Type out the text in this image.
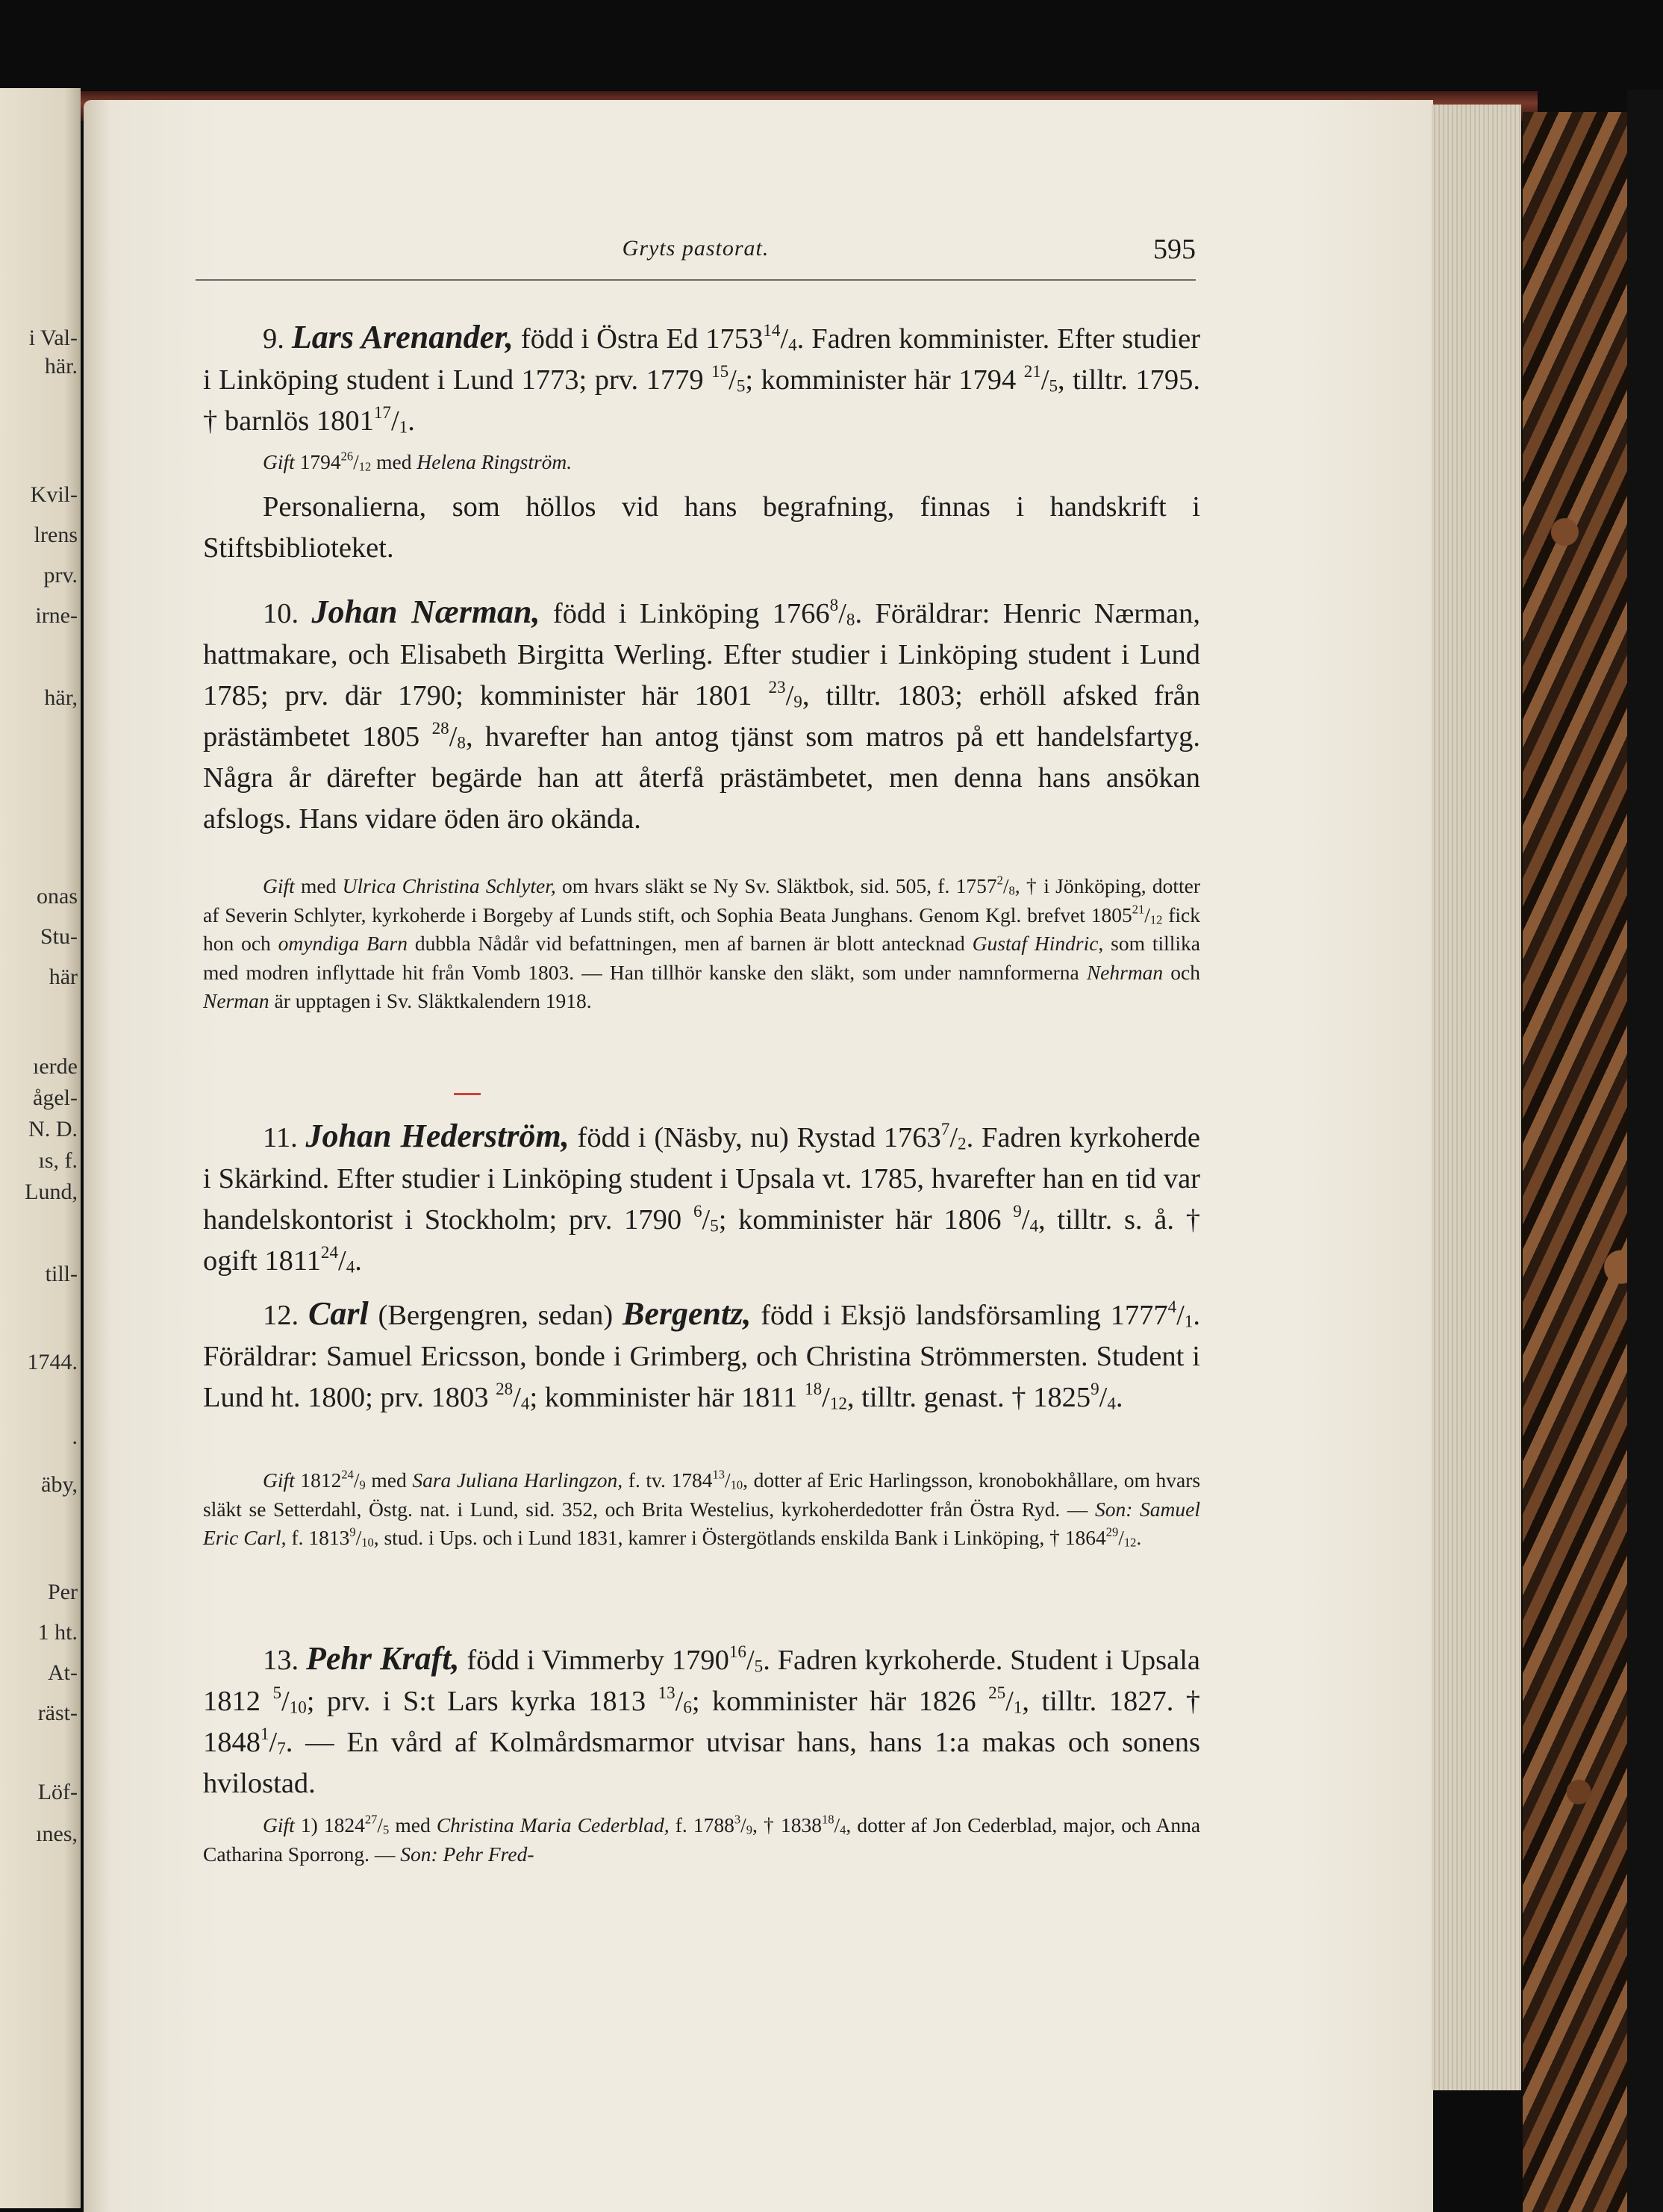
i Val-
här.
Kvil-
lrens
prv.
irne-
här,
onas
Stu-
här
ıerde
ågel-
N. D.
ıs, f.
Lund,
till-
1744.
.
äby,
Per
1 ht.
At-
räst-
Löf-
ınes,
Gryts pastorat.	595
9. Lars Arenander, född i Östra Ed $1753^{14}/_4$. Fadren komminister. Efter studier i Linköping student i Lund 1773; prv. 1779 $^{15}/_5$; komminister här 1794 $^{21}/_5$, tilltr. 1795. † barnlös $1801^{17}/_1$.
Gift $1794^{26}/_{12}$ med Helena Ringström.
Personalierna, som höllos vid hans begrafning, finnas i handskrift i Stiftsbiblioteket.
10. Johan Nærman, född i Linköping $1766^8/_8$. Föräldrar: Henric Nærman, hattmakare, och Elisabeth Birgitta Werling. Efter studier i Linköping student i Lund 1785; prv. där 1790; komminister här 1801 $^{23}/_9$, tilltr. 1803; erhöll afsked från prästämbetet 1805 $^{28}/_8$, hvarefter han antog tjänst som matros på ett handelsfartyg. Några år därefter begärde han att återfå prästämbetet, men denna hans ansökan afslogs. Hans vidare öden äro okända.
Gift med Ulrica Christina Schlyter, om hvars släkt se Ny Sv. Släktbok, sid. 505, f. $1757^2/_8$, † i Jönköping, dotter af Severin Schlyter, kyrkoherde i Borgeby af Lunds stift, och Sophia Beata Junghans. Genom Kgl. brefvet $1805^{21}/_{12}$ fick hon och omyndiga Barn dubbla Nådår vid befattningen, men af barnen är blott antecknad Gustaf Hindric, som tillika med modren inflyttade hit från Vomb 1803. — Han tillhör kanske den släkt, som under namnformerna Nehrman och Nerman är upptagen i Sv. Släktkalendern 1918.
11. Johan Hederström, född i (Näsby, nu) Rystad $1763^7/_2$. Fadren kyrkoherde i Skärkind. Efter studier i Linköping student i Upsala vt. 1785, hvarefter han en tid var handelskontorist i Stockholm; prv. 1790 $^6/_5$; komminister här 1806 $^9/_4$, tilltr. s. å. † ogift $1811^{24}/_4$.
12. Carl (Bergengren, sedan) Bergentz, född i Eksjö landsförsamling $1777^4/_1$. Föräldrar: Samuel Ericsson, bonde i Grimberg, och Christina Strömmersten. Student i Lund ht. 1800; prv. 1803 $^{28}/_4$; komminister här 1811 $^{18}/_{12}$, tilltr. genast. † $1825^9/_4$.
Gift $1812^{24}/_9$ med Sara Juliana Harlingzon, f. tv. $1784^{13}/_{10}$, dotter af Eric Harlingsson, kronobokhållare, om hvars släkt se Setterdahl, Östg. nat. i Lund, sid. 352, och Brita Westelius, kyrkoherdedotter från Östra Ryd. — Son: Samuel Eric Carl, f. $1813^9/_{10}$, stud. i Ups. och i Lund 1831, kamrer i Östergötlands enskilda Bank i Linköping, † $1864^{29}/_{12}$.
13. Pehr Kraft, född i Vimmerby $1790^{16}/_5$. Fadren kyrkoherde. Student i Upsala 1812 $^5/_{10}$; prv. i S:t Lars kyrka 1813 $^{13}/_6$; komminister här 1826 $^{25}/_1$, tilltr. 1827. † $1848^1/_7$. — En vård af Kolmårdsmarmor utvisar hans, hans 1:a makas och sonens hvilostad.
Gift 1) $1824^{27}/_5$ med Christina Maria Cederblad, f. $1788^3/_9$, † $1838^{18}/_4$, dotter af Jon Cederblad, major, och Anna Catharina Sporrong. — Son: Pehr Fred-
